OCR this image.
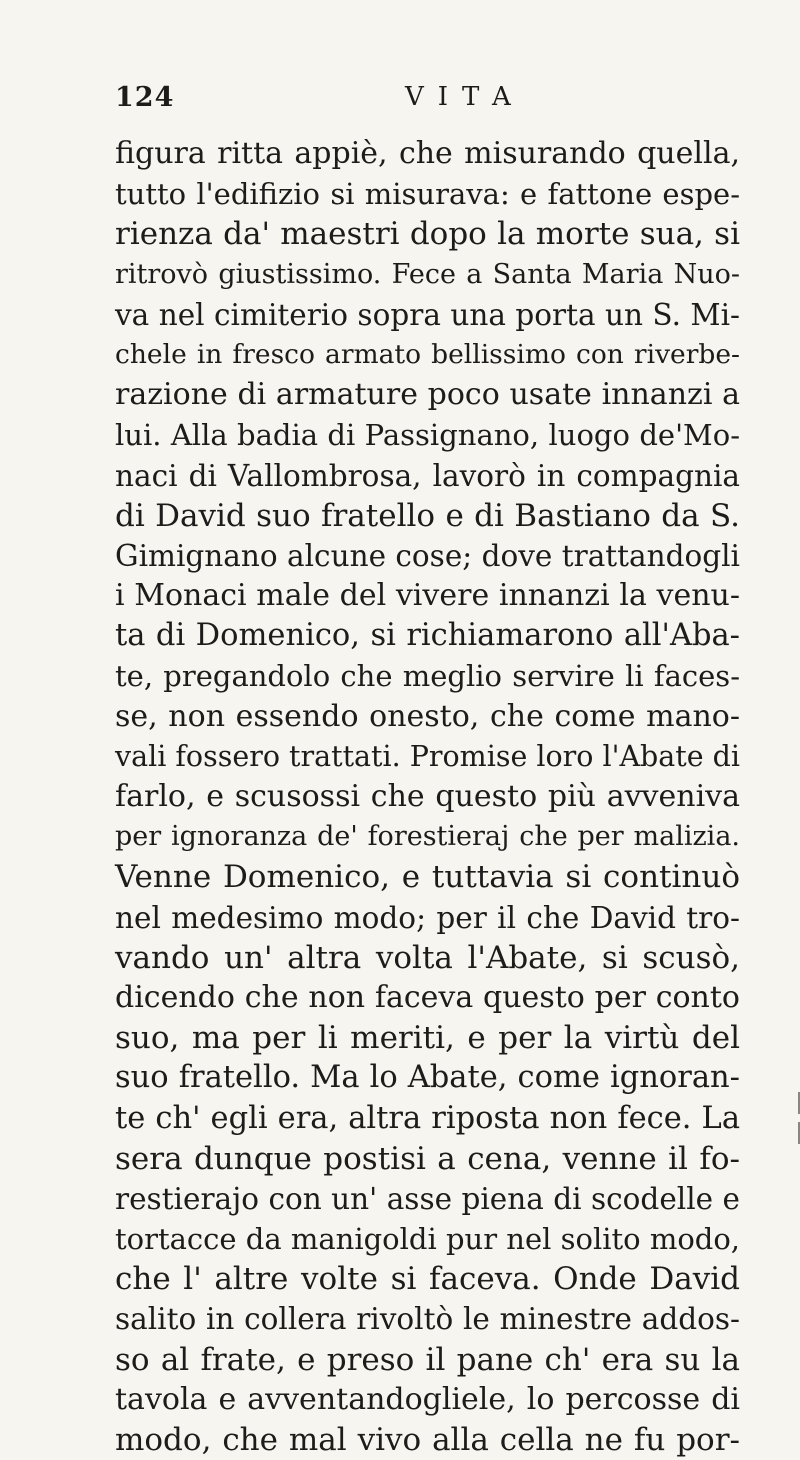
124	VITA
figura ritta appiè, che misurando quella,
tutto l'edifizio si misurava: e fattone espe-
rienza da' maestri dopo la morte sua, si
ritrovò giustissimo. Fece a Santa Maria Nuo-
va nel cimiterio sopra una porta un S. Mi-
chele in fresco armato bellissimo con riverbe-
razione di armature poco usate innanzi a
lui. Alla badia di Passignano, luogo de'Mo-
naci di Vallombrosa, lavorò in compagnia
di David suo fratello e di Bastiano da S.
Gimignano alcune cose; dove trattandogli
i Monaci male del vivere innanzi la venu-
ta di Domenico, si richiamarono all'Aba-
te, pregandolo che meglio servire li faces-
se, non essendo onesto, che come mano-
vali fossero trattati. Promise loro l'Abate di
farlo, e scusossi che questo più avveniva
per ignoranza de' forestieraj che per malizia.
Venne Domenico, e tuttavia si continuò
nel medesimo modo; per il che David tro-
vando un' altra volta l'Abate, si scusò,
dicendo che non faceva questo per conto
suo, ma per li meriti, e per la virtù del
suo fratello. Ma lo Abate, come ignoran-
te ch' egli era, altra riposta non fece. La
sera dunque postisi a cena, venne il fo-
restierajo con un' asse piena di scodelle e
tortacce da manigoldi pur nel solito modo,
che l' altre volte si faceva. Onde David
salito in collera rivoltò le minestre addos-
so al frate, e preso il pane ch' era su la
tavola e avventandogliele, lo percosse di
modo, che mal vivo alla cella ne fu por-
